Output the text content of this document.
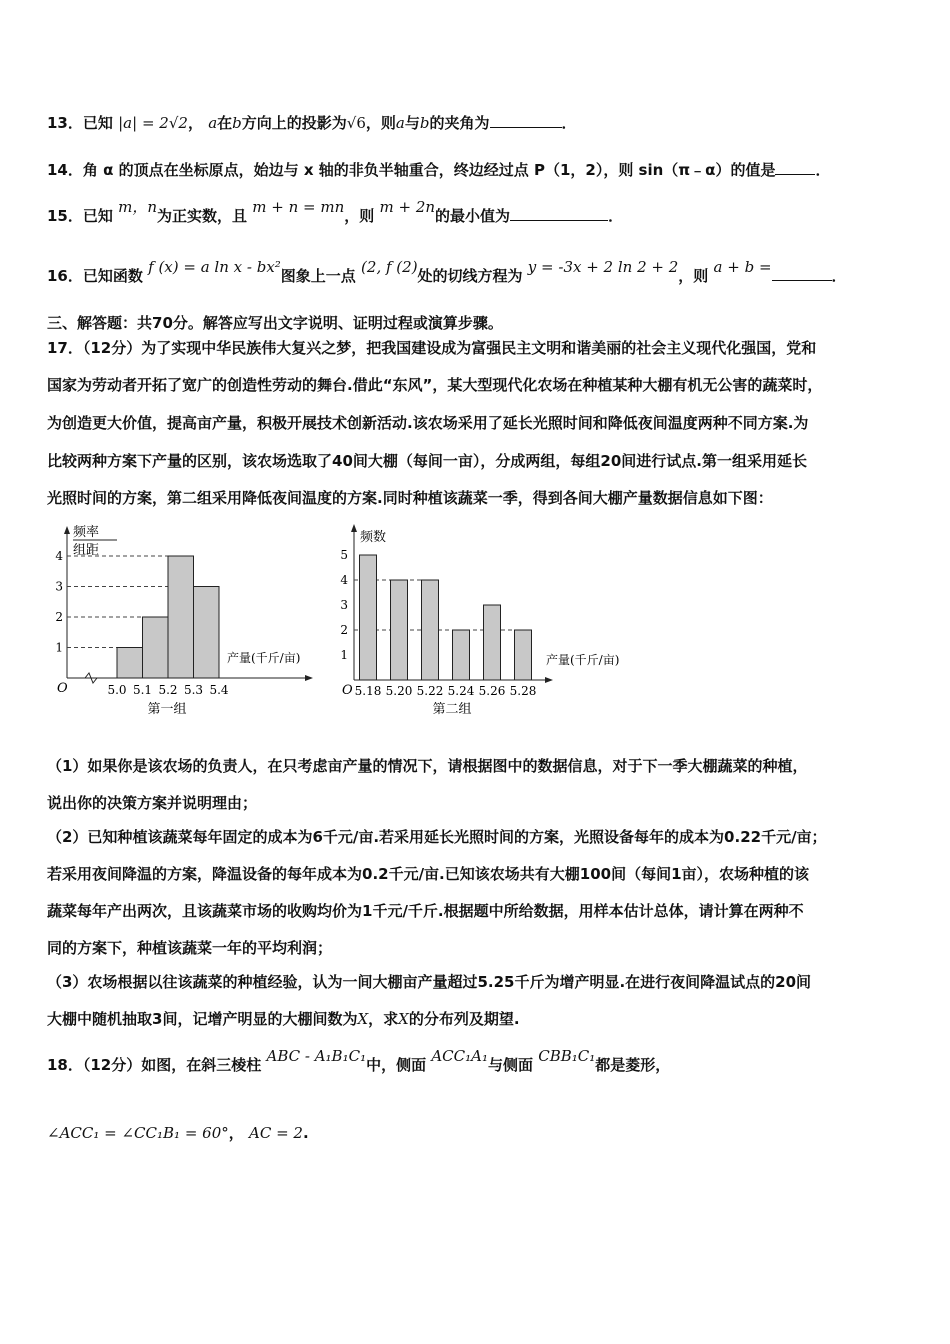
13．已知 |a| = 2√2， a在b方向上的投影为√6，则a与b的夹角为	．
14．角 α 的顶点在坐标原点，始边与 x 轴的非负半轴重合，终边经过点 P（1，2），则 sin（π﹣α）的值是	．
15．已知 m，n为正实数，且 m + n = mn，则 m + 2n的最小值为	．
16．已知函数 f (x) = a ln x - bx²图象上一点 (2, f (2)处的切线方程为 y = -3x + 2 ln 2 + 2，则 a + b =	．
三、解答题：共70分。解答应写出文字说明、证明过程或演算步骤。
17．（12分）为了实现中华民族伟大复兴之梦，把我国建设成为富强民主文明和谐美丽的社会主义现代化强国，党和
国家为劳动者开拓了宽广的创造性劳动的舞台.借此“东风”，某大型现代化农场在种植某种大棚有机无公害的蔬菜时，
为创造更大价值，提高亩产量，积极开展技术创新活动.该农场采用了延长光照时间和降低夜间温度两种不同方案.为
比较两种方案下产量的区别，该农场选取了40间大棚（每间一亩），分成两组，每组20间进行试点.第一组采用延长
光照时间的方案，第二组采用降低夜间温度的方案.同时种植该蔬菜一季，得到各间大棚产量数据信息如下图：
频率
组距
1
2
3
4
5.0 5.1 5.2 5.3 5.4
O
产量(千斤/亩)
第一组
频数
1
2
3
4
5
5.18 5.20 5.22 5.24 5.26 5.28
O
产量(千斤/亩)
第二组
（1）如果你是该农场的负责人，在只考虑亩产量的情况下，请根据图中的数据信息，对于下一季大棚蔬菜的种植，
说出你的决策方案并说明理由；
（2）已知种植该蔬菜每年固定的成本为6千元/亩.若采用延长光照时间的方案，光照设备每年的成本为0.22千元/亩；
若采用夜间降温的方案，降温设备的每年成本为0.2千元/亩.已知该农场共有大棚100间（每间1亩），农场种植的该
蔬菜每年产出两次，且该蔬菜市场的收购均价为1千元/千斤.根据题中所给数据，用样本估计总体，请计算在两种不
同的方案下，种植该蔬菜一年的平均利润；
（3）农场根据以往该蔬菜的种植经验，认为一间大棚亩产量超过5.25千斤为增产明显.在进行夜间降温试点的20间
大棚中随机抽取3间，记增产明显的大棚间数为X，求X的分布列及期望.
18．（12分）如图，在斜三棱柱 ABC - A₁B₁C₁中，侧面 ACC₁A₁与侧面 CBB₁C₁都是菱形，
∠ACC₁ = ∠CC₁B₁ = 60°， AC = 2.
